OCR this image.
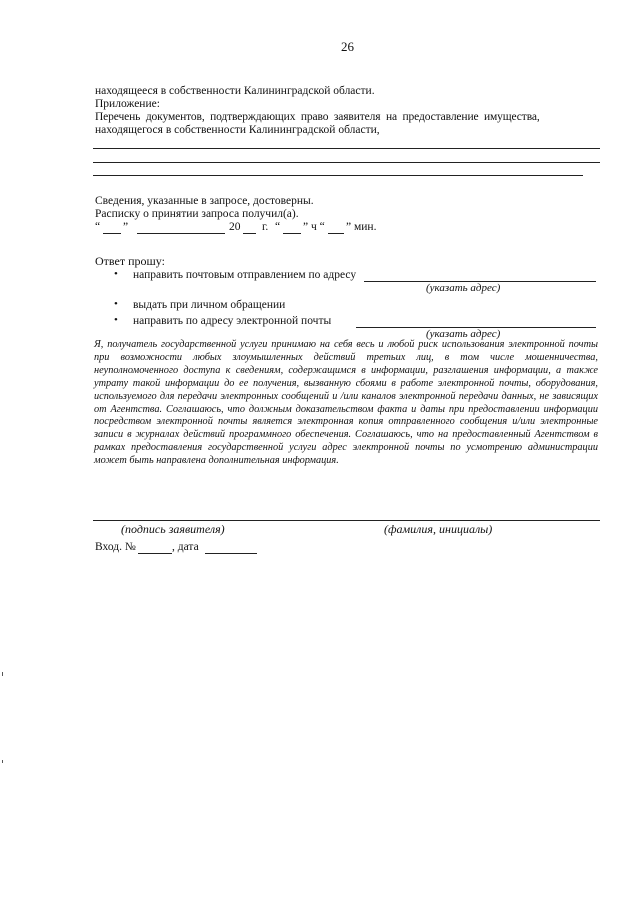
26
находящееся в собственности Калининградской области.
Приложение:
Перечень  документов,  подтверждающих  право  заявителя  на  предоставление  имущества,
находящегося в собственности Калининградской области,
Сведения, указанные в запросе, достоверны.
Расписку о принятии запроса получил(а).
“ ”	20 г. “ ” ч “ ” мин.
Ответ прошу:
• направить почтовым отправлением по адресу
(указать адрес)
• выдать при личном обращении
• направить по адресу электронной почты
(указать адрес)
Я, получатель государственной услуги принимаю на себя весь и любой риск использования электронной почты при возможности любых злоумышленных действий третьих лиц, в том числе мошенничества, неуполномоченного доступа к сведениям, содержащимся в информации, разглашения информации, а также утрату такой информации до ее получения, вызванную сбоями в работе электронной почты, оборудования, используемого для передачи электронных сообщений и /или каналов электронной передачи данных, не зависящих от Агентства. Соглашаюсь, что должным доказательством факта и даты при предоставлении информации посредством электронной почты является электронная копия отправленного сообщения и/или электронные записи в журналах действий программного обеспечения. Соглашаюсь, что на предоставленный Агентством в рамках предоставления государственной услуги адрес электронной почты по усмотрению администрации может быть направлена дополнительная информация.
(подпись заявителя)	(фамилия, инициалы)
Вход. №	, дата
